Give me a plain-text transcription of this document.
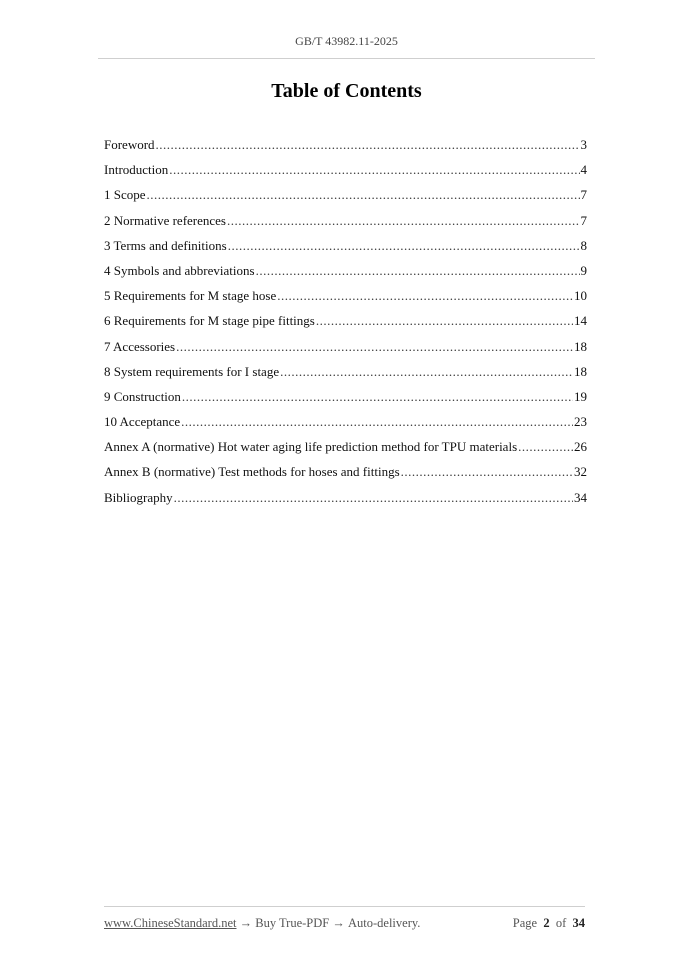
GB/T 43982.11-2025
Table of Contents
Foreword .....	3
Introduction .....	4
1 Scope .....	7
2 Normative references .....	7
3 Terms and definitions .....	8
4 Symbols and abbreviations .....	9
5 Requirements for M stage hose .....	10
6 Requirements for M stage pipe fittings .....	14
7 Accessories .....	18
8 System requirements for I stage .....	18
9 Construction .....	19
10 Acceptance .....	23
Annex A (normative) Hot water aging life prediction method for TPU materials .....	26
Annex B (normative) Test methods for hoses and fittings .....	32
Bibliography .....	34
www.ChineseStandard.net → Buy True-PDF → Auto-delivery.	Page 2 of 34
